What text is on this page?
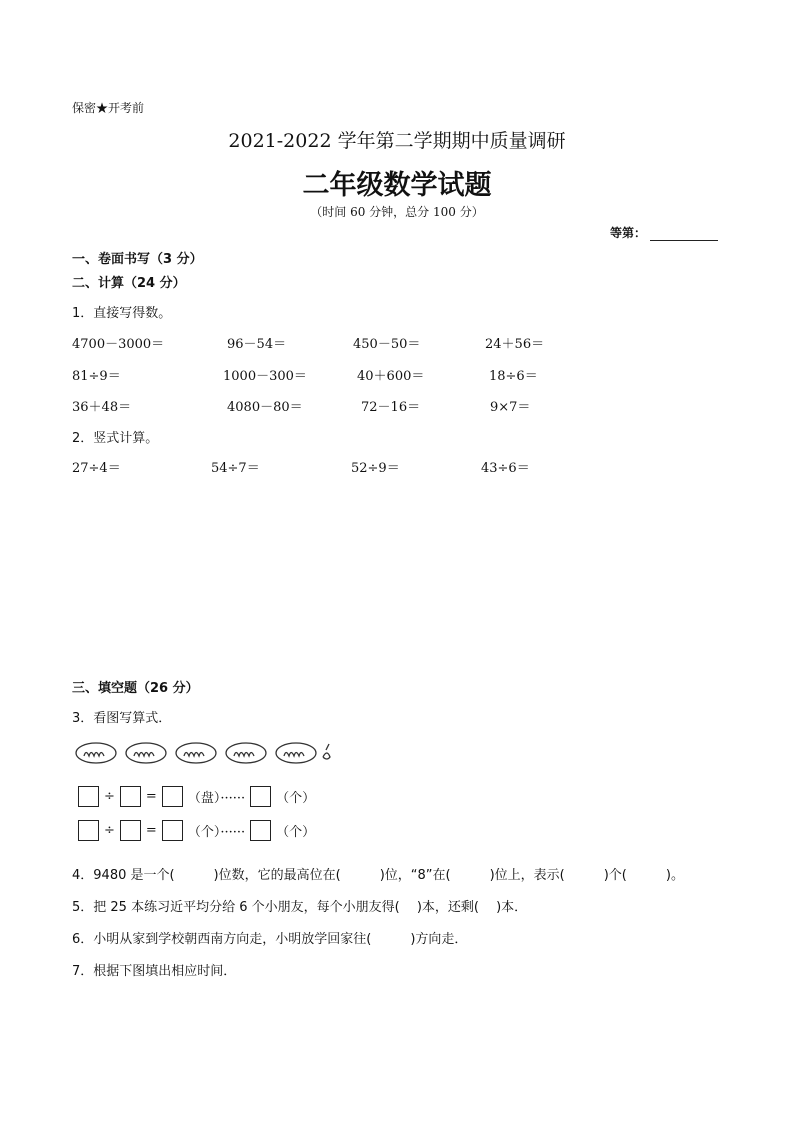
保密★开考前
2021-2022 学年第二学期期中质量调研
二年级数学试题
（时间 60 分钟，总分 100 分）
等第：
一、卷面书写（3 分）
二、计算（24 分）
1．直接写得数。
4700－3000＝	96－54＝	450－50＝	24＋56＝
81÷9＝	1000－300＝	40＋600＝	18÷6＝
36＋48＝	4080－80＝	72－16＝	9×7＝
2．竖式计算。
27÷4＝	54÷7＝	52÷9＝	43÷6＝
三、填空题（26 分）
3．看图写算式．
÷ = （盘）······ （个）
÷ = （个）······ （个）
4．9480 是一个(　　　)位数，它的最高位在(　　　)位，“8”在(　　　)位上，表示(　　　)个(　　　)。
5．把 25 本练习近平均分给 6 个小朋友，每个小朋友得(　 )本，还剩(　 )本．
6．小明从家到学校朝西南方向走，小明放学回家往(　　　)方向走．
7．根据下图填出相应时间．
